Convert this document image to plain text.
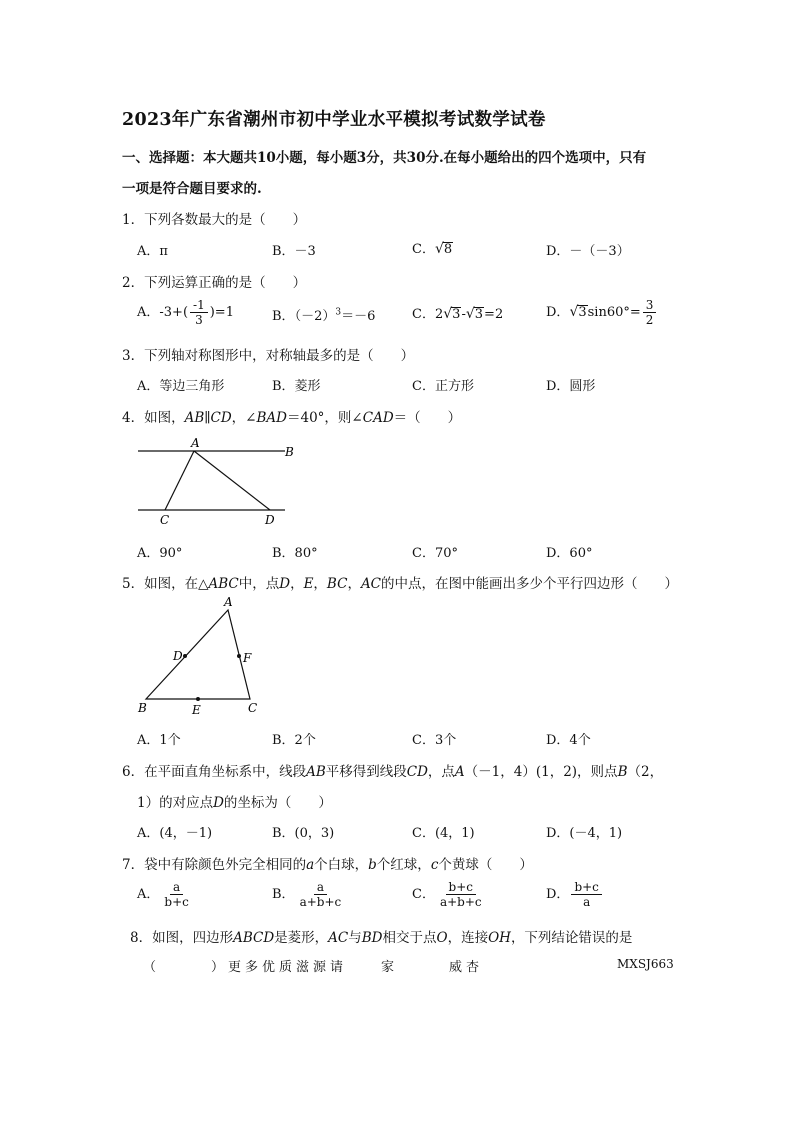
2023年广东省潮州市初中学业水平模拟考试数学试卷
一、选择题：本大题共10小题，每小题3分，共30分.在每小题给出的四个选项中，只有
一项是符合题目要求的.
1．下列各数最大的是（　　）
A．π	B．－3	C．√8	D．－（－3）
2．下列运算正确的是（　　）
A．$-3+( \frac{-1}{3} )=1$	B．$(-2)^3=-6$	C．2√3-√3=2	D．$√3\sin 60^\circ= \frac{3}{2}$
3．下列轴对称图形中，对称轴最多的是（　　）
A．等边三角形	B．菱形	C．正方形	D．圆形
4．如图，AB∥CD，∠BAD＝40°，则∠CAD＝（　　）
A
B
C	D
A．90°	B．80°	C．70°	D．60°
5．如图，在△ABC中，点D，E，BC，AC的中点，在图中能画出多少个平行四边形（　　）
A
B	C
D
E
F
A．1个	B．2个	C．3个	D．4个
6．在平面直角坐标系中，线段AB平移得到线段CD，点A（－1，4）(1，2)，则点B（2，
1）的对应点D的坐标为（　　）
A．(4，－1)	B．(0，3)	C．(4，1)	D．(－4，1)
7．袋中有除颜色外完全相同的a个白球，b个红球，c个黄球（　　）
A． $\frac{a}{b+c}$	B． $\frac{a}{a+b+c}$	C． $\frac{b+c}{a+b+c}$	D． $\frac{b+c}{a}$
8．如图，四边形ABCD是菱形，AC与BD相交于点O，连接OH，下列结论错误的是
（　　　）更多优质滋源请　　家　　　威杏	MXSJ663
